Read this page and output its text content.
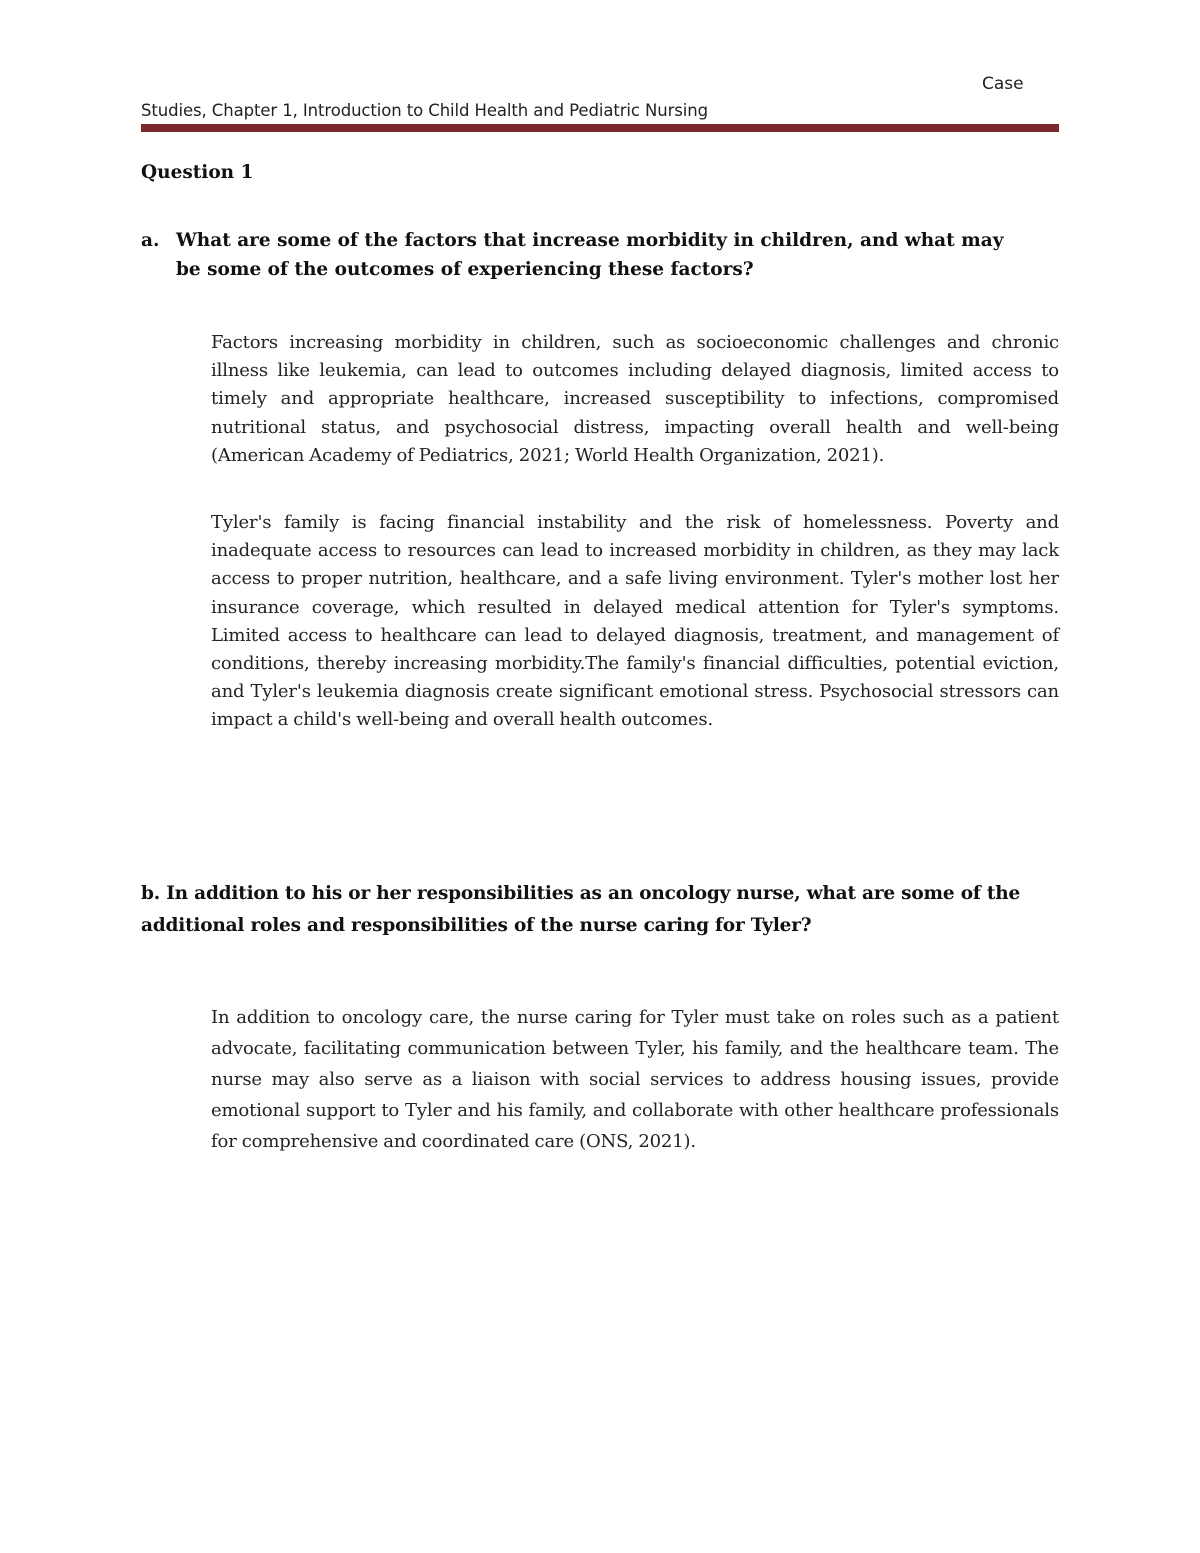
Case
Studies, Chapter 1, Introduction to Child Health and Pediatric Nursing
Question 1
a. What are some of the factors that increase morbidity in children, and what may be some of the outcomes of experiencing these factors?
Factors increasing morbidity in children, such as socioeconomic challenges and chronic illness like leukemia, can lead to outcomes including delayed diagnosis, limited access to timely and appropriate healthcare, increased susceptibility to infections, compromised nutritional status, and psychosocial distress, impacting overall health and well-being (American Academy of Pediatrics, 2021; World Health Organization, 2021).
Tyler's family is facing financial instability and the risk of homelessness. Poverty and inadequate access to resources can lead to increased morbidity in children, as they may lack access to proper nutrition, healthcare, and a safe living environment. Tyler's mother lost her insurance coverage, which resulted in delayed medical attention for Tyler's symptoms. Limited access to healthcare can lead to delayed diagnosis, treatment, and management of conditions, thereby increasing morbidity.The family's financial difficulties, potential eviction, and Tyler's leukemia diagnosis create significant emotional stress. Psychosocial stressors can impact a child's well-being and overall health outcomes.
b. In addition to his or her responsibilities as an oncology nurse, what are some of the additional roles and responsibilities of the nurse caring for Tyler?
In addition to oncology care, the nurse caring for Tyler must take on roles such as a patient advocate, facilitating communication between Tyler, his family, and the healthcare team. The nurse may also serve as a liaison with social services to address housing issues, provide emotional support to Tyler and his family, and collaborate with other healthcare professionals for comprehensive and coordinated care (ONS, 2021).
